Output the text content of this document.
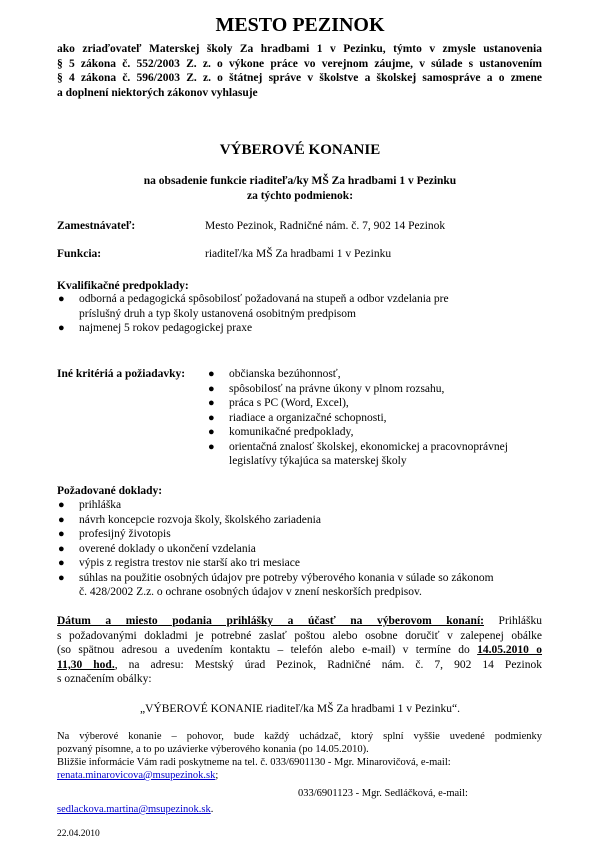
MESTO PEZINOK
ako zriaďovateľ Materskej školy Za hradbami 1 v Pezinku, týmto v zmysle ustanovenia
§ 5 zákona č. 552/2003 Z. z. o výkone práce vo verejnom záujme, v súlade s ustanovením
§ 4 zákona č. 596/2003 Z. z. o štátnej správe v školstve a školskej samospráve a o zmene
a doplnení niektorých zákonov vyhlasuje
VÝBEROVÉ KONANIE
na obsadenie funkcie riaditeľa/ky MŠ Za hradbami 1 v Pezinku
za týchto podmienok:
Zamestnávateľ:	Mesto Pezinok, Radničné nám. č. 7, 902 14 Pezinok
Funkcia:	riaditeľ/ka MŠ Za hradbami 1 v Pezinku
Kvalifikačné predpoklady:
● odborná a pedagogická spôsobilosť požadovaná na stupeň a odbor vzdelania pre
príslušný druh a typ školy ustanovená osobitným predpisom
● najmenej 5 rokov pedagogickej praxe
Iné kritériá a požiadavky: ● občianska bezúhonnosť,
● spôsobilosť na právne úkony v plnom rozsahu,
● práca s PC (Word, Excel),
● riadiace a organizačné schopnosti,
● komunikačné predpoklady,
● orientačná znalosť školskej, ekonomickej a pracovnoprávnej
legislatívy týkajúca sa materskej školy
Požadované doklady:
● prihláška
● návrh koncepcie rozvoja školy, školského zariadenia
● profesijný životopis
● overené doklady o ukončení vzdelania
● výpis z registra trestov nie starší ako tri mesiace
● súhlas na použitie osobných údajov pre potreby výberového konania v súlade so zákonom
č. 428/2002 Z.z. o ochrane osobných údajov v znení neskorších predpisov.
Dátum a miesto podania prihlášky a účasť na výberovom konaní: Prihlášku
s požadovanými dokladmi je potrebné zaslať poštou alebo osobne doručiť v zalepenej obálke
(so spätnou adresou a uvedením kontaktu – telefón alebo e-mail) v termíne do 14.05.2010 o
11,30 hod., na adresu: Mestský úrad Pezinok, Radničné nám. č. 7, 902 14 Pezinok
s označením obálky:
„VÝBEROVÉ KONANIE riaditeľ/ka MŠ Za hradbami 1 v Pezinku“.
Na výberové konanie – pohovor, bude každý uchádzač, ktorý splní vyššie uvedené podmienky
pozvaný písomne, a to po uzávierke výberového konania (po 14.05.2010).
Bližšie informácie Vám radi poskytneme na tel. č. 033/6901130 - Mgr. Minarovičová, e-mail:
renata.minarovicova@msupezinok.sk;
033/6901123 - Mgr. Sedláčková, e-mail:
sedlackova.martina@msupezinok.sk.
22.04.2010
